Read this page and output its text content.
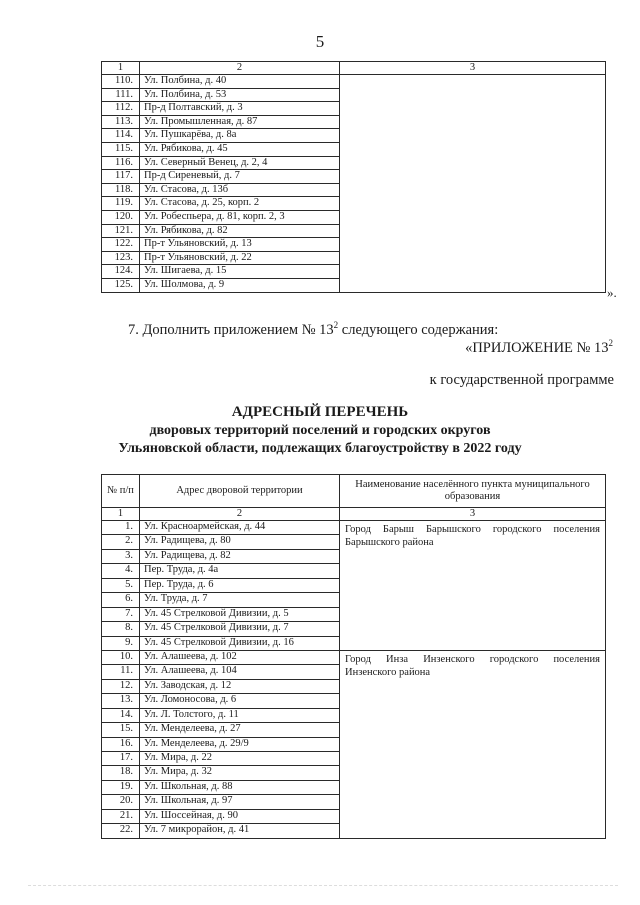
5
1	2	3
110.	Ул. Полбина, д. 40	
111.	Ул. Полбина, д. 53	
112.	Пр-д Полтавский, д. 3	
113.	Ул. Промышленная, д. 87	
114.	Ул. Пушкарёва, д. 8а	
115.	Ул. Рябикова, д. 45	
116.	Ул. Северный Венец, д. 2, 4	
117.	Пр-д Сиреневый, д. 7	
118.	Ул. Стасова, д. 13б	
119.	Ул. Стасова, д. 25, корп. 2	
120.	Ул. Робеспьера, д. 81, корп. 2, 3	
121.	Ул. Рябикова, д. 82	
122.	Пр-т Ульяновский, д. 13	
123.	Пр-т Ульяновский, д. 22	
124.	Ул. Шигаева, д. 15	
125.	Ул. Шолмова, д. 9	
».
7. Дополнить приложением № $13^2$ следующего содержания:
«ПРИЛОЖЕНИЕ № $13^2$
к государственной программе
АДРЕСНЫЙ ПЕРЕЧЕНЬ
дворовых территорий поселений и городских округов
Ульяновской области, подлежащих благоустройству в 2022 году
№ п/п	Адрес дворовой территории	Наименование населённого пункта муниципального образования
1	2	3
1.	Ул. Красноармейская, д. 44	Город Барыш Барышского городского поселения Барышского района
2.	Ул. Радищева, д. 80	
3.	Ул. Радищева, д. 82	
4.	Пер. Труда, д. 4а	
5.	Пер. Труда, д. 6	
6.	Ул. Труда, д. 7	
7.	Ул. 45 Стрелковой Дивизии, д. 5	
8.	Ул. 45 Стрелковой Дивизии, д. 7	
9.	Ул. 45 Стрелковой Дивизии, д. 16	
10.	Ул. Алашеева, д. 102	Город Инза Инзенского городского поселения Инзенского района
11.	Ул. Алашеева, д. 104	
12.	Ул. Заводская, д. 12	
13.	Ул. Ломоносова, д. 6	
14.	Ул. Л. Толстого, д. 11	
15.	Ул. Менделеева, д. 27	
16.	Ул. Менделеева, д. 29/9	
17.	Ул. Мира, д. 22	
18.	Ул. Мира, д. 32	
19.	Ул. Школьная, д. 88	
20.	Ул. Школьная, д. 97	
21.	Ул. Шоссейная, д. 90	
22.	Ул. 7 микрорайон, д. 41	
